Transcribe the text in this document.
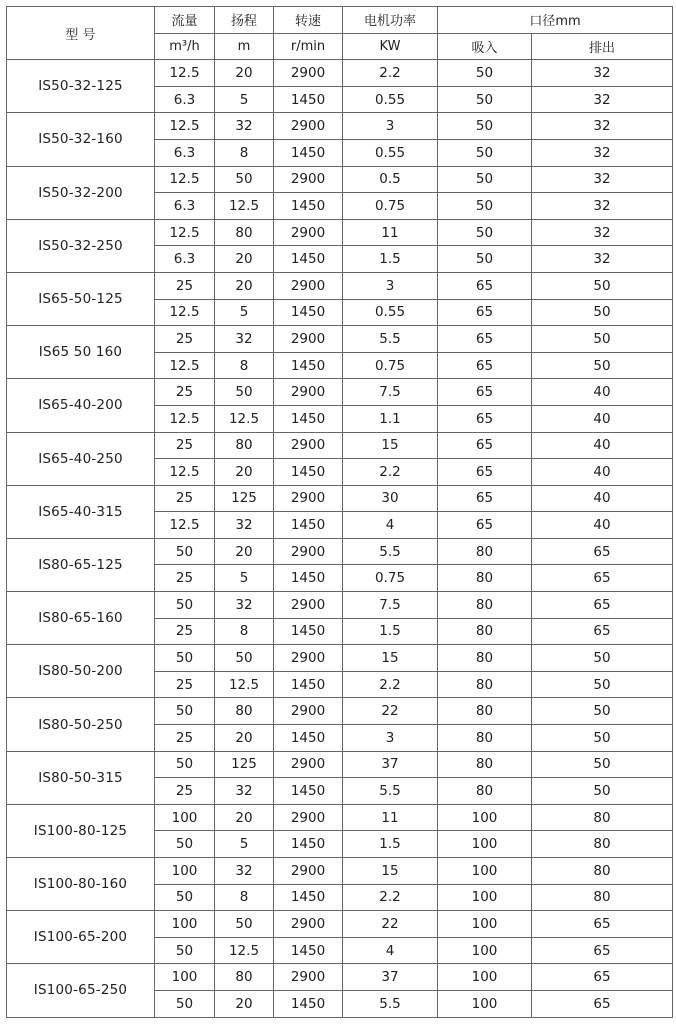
型 号	流量	扬程	转速	电机功率	口径mm	
	m³/h	m	r/min	KW	吸入	排出
IS50-32-125	12.5	20	2900	2.2	50	32
	6.3	5	1450	0.55	50	32
IS50-32-160	12.5	32	2900	3	50	32
	6.3	8	1450	0.55	50	32
IS50-32-200	12.5	50	2900	0.5	50	32
	6.3	12.5	1450	0.75	50	32
IS50-32-250	12.5	80	2900	11	50	32
	6.3	20	1450	1.5	50	32
IS65-50-125	25	20	2900	3	65	50
	12.5	5	1450	0.55	65	50
IS65 50 160	25	32	2900	5.5	65	50
	12.5	8	1450	0.75	65	50
IS65-40-200	25	50	2900	7.5	65	40
	12.5	12.5	1450	1.1	65	40
IS65-40-250	25	80	2900	15	65	40
	12.5	20	1450	2.2	65	40
IS65-40-315	25	125	2900	30	65	40
	12.5	32	1450	4	65	40
IS80-65-125	50	20	2900	5.5	80	65
	25	5	1450	0.75	80	65
IS80-65-160	50	32	2900	7.5	80	65
	25	8	1450	1.5	80	65
IS80-50-200	50	50	2900	15	80	50
	25	12.5	1450	2.2	80	50
IS80-50-250	50	80	2900	22	80	50
	25	20	1450	3	80	50
IS80-50-315	50	125	2900	37	80	50
	25	32	1450	5.5	80	50
IS100-80-125	100	20	2900	11	100	80
	50	5	1450	1.5	100	80
IS100-80-160	100	32	2900	15	100	80
	50	8	1450	2.2	100	80
IS100-65-200	100	50	2900	22	100	65
	50	12.5	1450	4	100	65
IS100-65-250	100	80	2900	37	100	65
	50	20	1450	5.5	100	65
